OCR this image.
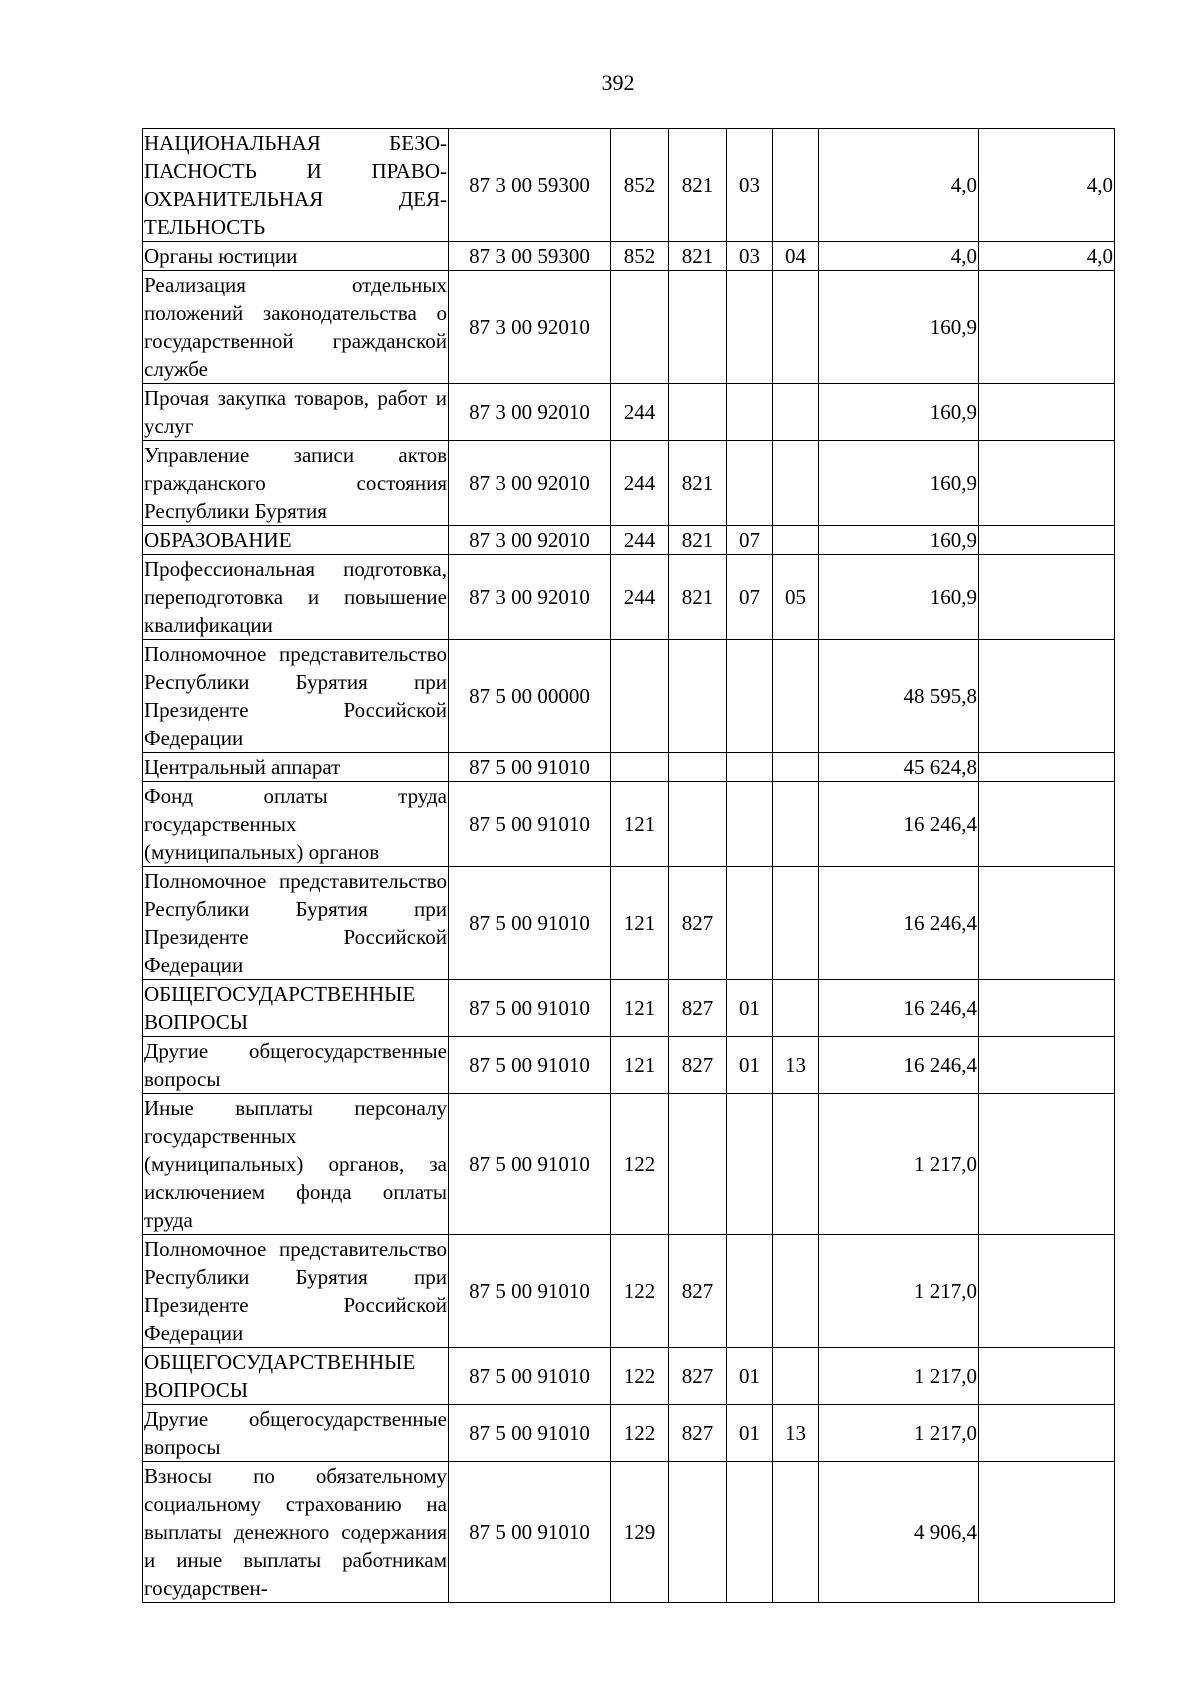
392
НАЦИОНАЛЬНАЯ БЕЗО-ПАСНОСТЬ И ПРАВО-ОХРАНИТЕЛЬНАЯ ДЕЯ-ТЕЛЬНОСТЬ	87 3 00 59300	852	821	03		4,0	4,0
Органы юстиции	87 3 00 59300	852	821	03	04	4,0	4,0
Реализация отдельных положений законодательства о государственной гражданской службе	87 3 00 92010					160,9	
Прочая закупка товаров, работ и услуг	87 3 00 92010	244				160,9	
Управление записи актов гражданского состояния Республики Бурятия	87 3 00 92010	244	821			160,9	
ОБРАЗОВАНИЕ	87 3 00 92010	244	821	07		160,9	
Профессиональная подготовка, переподготовка и повышение квалификации	87 3 00 92010	244	821	07	05	160,9	
Полномочное представительство Республики Бурятия при Президенте Российской Федерации	87 5 00 00000					48 595,8	
Центральный аппарат	87 5 00 91010					45 624,8	
Фонд оплаты труда государственных (муниципальных) органов	87 5 00 91010	121				16 246,4	
Полномочное представительство Республики Бурятия при Президенте Российской Федерации	87 5 00 91010	121	827			16 246,4	
ОБЩЕГОСУДАРСТВЕННЫЕ ВОПРОСЫ	87 5 00 91010	121	827	01		16 246,4	
Другие общегосударственные вопросы	87 5 00 91010	121	827	01	13	16 246,4	
Иные выплаты персоналу государственных (муниципальных) органов, за исключением фонда оплаты труда	87 5 00 91010	122				1 217,0	
Полномочное представительство Республики Бурятия при Президенте Российской Федерации	87 5 00 91010	122	827			1 217,0	
ОБЩЕГОСУДАРСТВЕННЫЕ ВОПРОСЫ	87 5 00 91010	122	827	01		1 217,0	
Другие общегосударственные вопросы	87 5 00 91010	122	827	01	13	1 217,0	
Взносы по обязательному социальному страхованию на выплаты денежного содержания и иные выплаты работникам государствен-	87 5 00 91010	129				4 906,4	
